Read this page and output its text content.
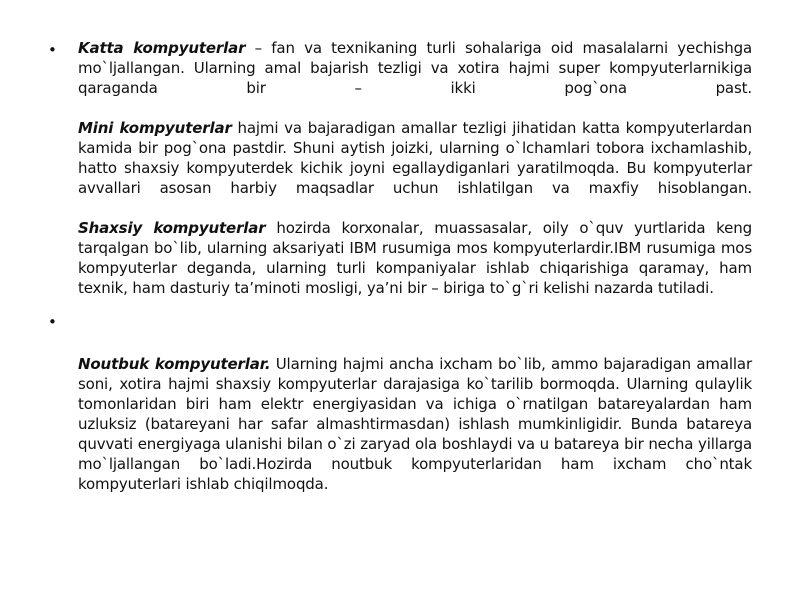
• Katta kompyuterlar – fan va texnikaning turli sohalariga oid masalalarni yechishga mo`ljallangan. Ularning amal bajarish tezligi va xotira hajmi super kompyuterlarnikiga qaraganda bir – ikki pog`ona past.

Mini kompyuterlar hajmi va bajaradigan amallar tezligi jihatidan katta kompyuterlardan kamida bir pog`ona pastdir. Shuni aytish joizki, ularning o`lchamlari tobora ixchamlashib, hatto shaxsiy kompyuterdek kichik joyni egallaydiganlari yaratilmoqda. Bu kompyuterlar avvallari asosan harbiy maqsadlar uchun ishlatilgan va maxfiy hisoblangan.

Shaxsiy kompyuterlar hozirda korxonalar, muassasalar, oily o`quv yurtlarida keng tarqalgan bo`lib, ularning aksariyati IBM rusumiga mos kompyuterlardir.IBM rusumiga mos kompyuterlar deganda, ularning turli kompaniyalar ishlab chiqarishiga qaramay, ham texnik, ham dasturiy ta’minoti mosligi, ya’ni bir – biriga to`g`ri kelishi nazarda tutiladi.

•

Noutbuk kompyuterlar. Ularning hajmi ancha ixcham bo`lib, ammo bajaradigan amallar soni, xotira hajmi shaxsiy kompyuterlar darajasiga ko`tarilib bormoqda. Ularning qulaylik tomonlaridan biri ham elektr energiyasidan va ichiga o`rnatilgan batareyalardan ham uzluksiz (batareyani har safar almashtirmasdan) ishlash mumkinligidir. Bunda batareya quvvati energiyaga ulanishi bilan o`zi zaryad ola boshlaydi va u batareya bir necha yillarga mo`ljallangan bo`ladi.Hozirda noutbuk kompyuterlaridan ham ixcham cho`ntak kompyuterlari ishlab chiqilmoqda.
